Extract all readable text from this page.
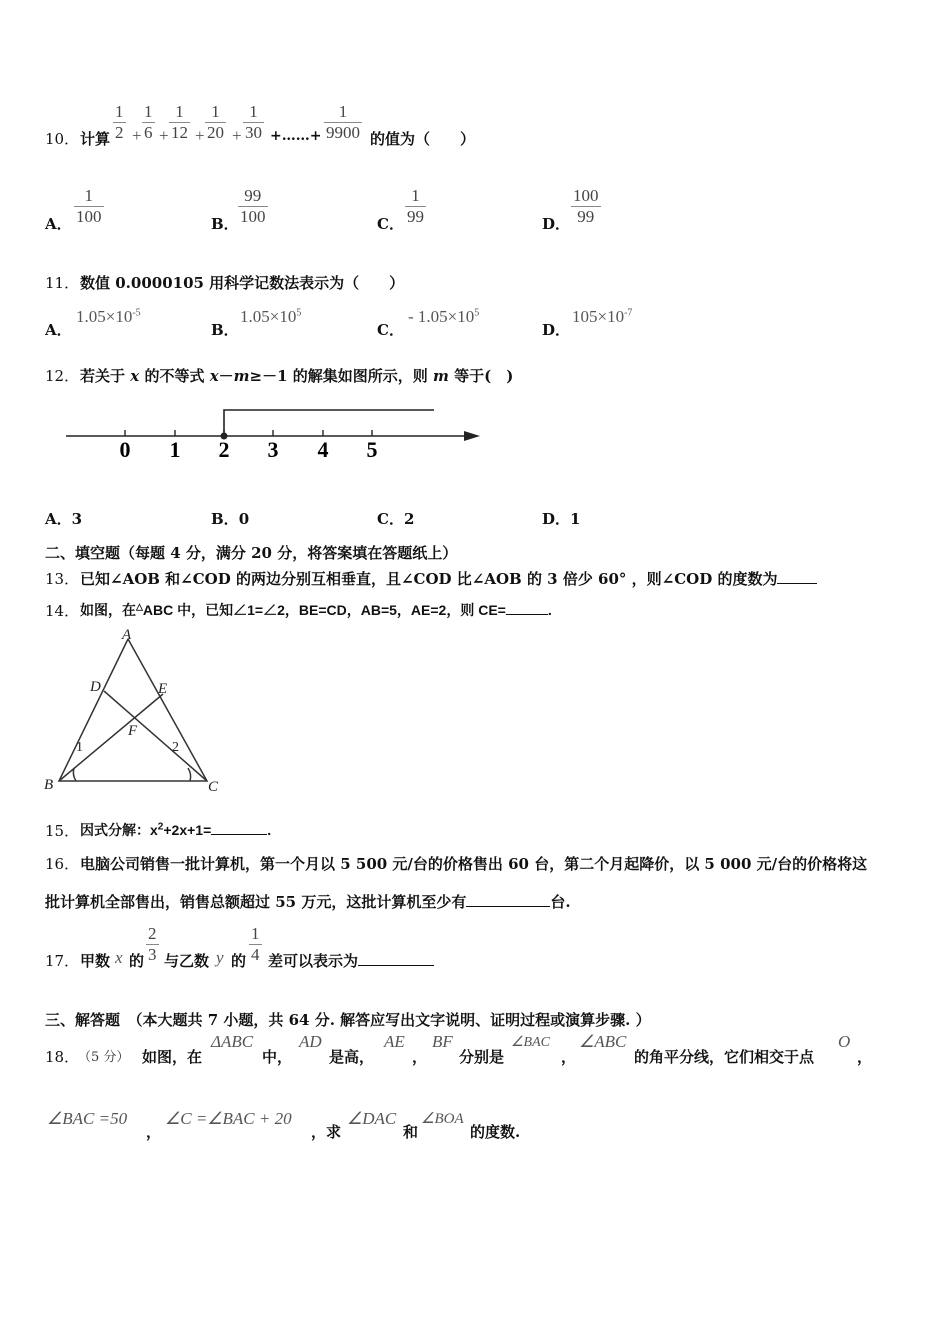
10． 计算
1
2 +
1
6 +
1
12 +
1
20 +
1
30 +……+
1
9900 的值为（　　）
A．
1
100	B．
99
100	C．
1
99	D．
100
99
11． 数值 0.0000105 用科学记数法表示为（　　）
A．
$1.05\times 10^{-5}$
B．
$1.05\times 10^5$
C．
- $1.05\times 10^5$
D．
$105\times 10^{-7}$
12． 若关于 x 的不等式 x－m≥－1 的解集如图所示，则 m 等于(　)
0 1 2 3 4 5
A．3	B．0	C．2	D．1
二、填空题（每题 4 分，满分 20 分，将答案填在答题纸上）
13． 已知∠AOB 和∠COD 的两边分别互相垂直，且∠COD 比∠AOB 的 3 倍少 60° ，则∠COD 的度数为
14． 如图，在△ABC 中，已知∠1=∠2，BE=CD，AB=5，AE=2，则 CE=	.
A
B	C
D	E
F
1	2
15． 因式分解：$x^2+2x+1=$	.
16． 电脑公司销售一批计算机，第一个月以 5 500 元/台的价格售出 60 台，第二个月起降价，以 5 000 元/台的价格将这
批计算机全部售出，销售总额超过 55 万元，这批计算机至少有	台.
17． 甲数 x 的
2
3 与乙数 y 的
1
4 差可以表示为
三、解答题　（本大题共 7 小题，共 64 分. 解答应写出文字说明、证明过程或演算步骤. ）
18．
（5 分） 如图，在
ΔABC
中，
AD
是高，
AE
，
BF
分别是
∠BAC
，
∠ABC
的角平分线，它们相交于点
O
，
∠BAC =50
，
∠C =∠BAC + 20
，求
∠DAC
和
∠BOA
的度数.
